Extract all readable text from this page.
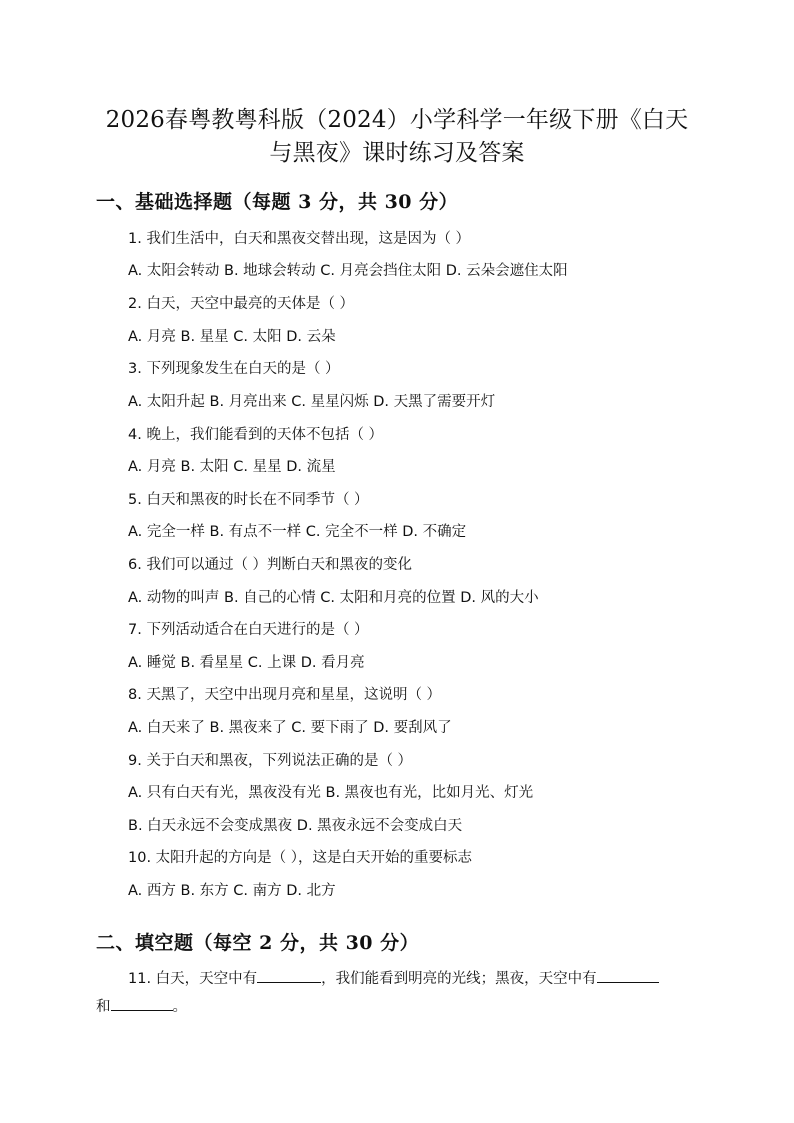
2026春粤教粤科版（2024）小学科学一年级下册《白天
与黑夜》课时练习及答案
一、基础选择题（每题 3 分，共 30 分）
1. 我们生活中，白天和黑夜交替出现，这是因为（ ）
A. 太阳会转动 B. 地球会转动 C. 月亮会挡住太阳 D. 云朵会遮住太阳
2. 白天，天空中最亮的天体是（ ）
A. 月亮 B. 星星 C. 太阳 D. 云朵
3. 下列现象发生在白天的是（ ）
A. 太阳升起 B. 月亮出来 C. 星星闪烁 D. 天黑了需要开灯
4. 晚上，我们能看到的天体不包括（ ）
A. 月亮 B. 太阳 C. 星星 D. 流星
5. 白天和黑夜的时长在不同季节（ ）
A. 完全一样 B. 有点不一样 C. 完全不一样 D. 不确定
6. 我们可以通过（ ）判断白天和黑夜的变化
A. 动物的叫声 B. 自己的心情 C. 太阳和月亮的位置 D. 风的大小
7. 下列活动适合在白天进行的是（ ）
A. 睡觉 B. 看星星 C. 上课 D. 看月亮
8. 天黑了，天空中出现月亮和星星，这说明（ ）
A. 白天来了 B. 黑夜来了 C. 要下雨了 D. 要刮风了
9. 关于白天和黑夜，下列说法正确的是（ ）
A. 只有白天有光，黑夜没有光 B. 黑夜也有光，比如月光、灯光
B. 白天永远不会变成黑夜 D. 黑夜永远不会变成白天
10. 太阳升起的方向是（ ），这是白天开始的重要标志
A. 西方 B. 东方 C. 南方 D. 北方
二、填空题（每空 2 分，共 30 分）
11. 白天，天空中有	，我们能看到明亮的光线；黑夜，天空中有
和	。
